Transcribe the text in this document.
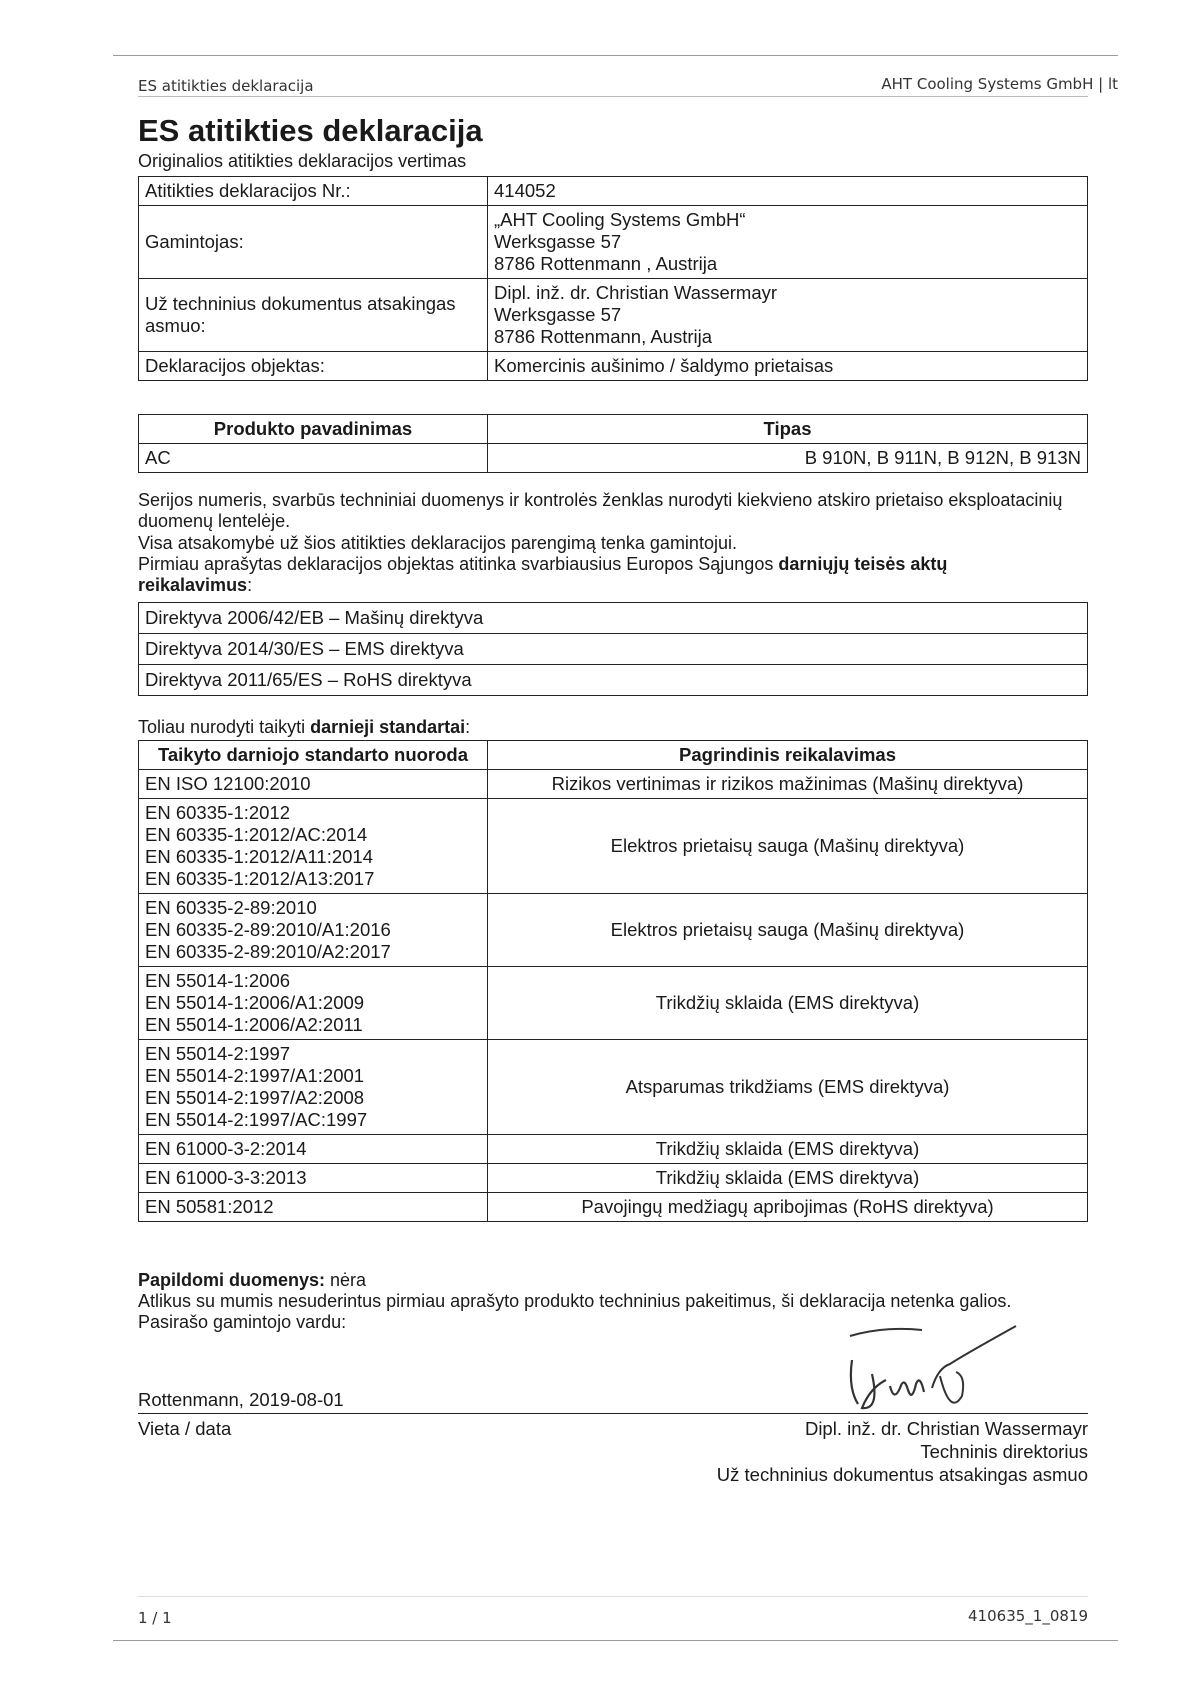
ES atitikties deklaracija	AHT Cooling Systems GmbH | lt
ES atitikties deklaracija
Originalios atitikties deklaracijos vertimas
Atitikties deklaracijos Nr.:	414052

Gamintojas:	„AHT Cooling Systems GmbH“
Werksgasse 57
8786 Rottenmann , Austrija

Už techninius dokumentus atsakingas asmuo:	Dipl. inž. dr. Christian Wassermayr
Werksgasse 57
8786 Rottenmann, Austrija

Deklaracijos objektas:	Komercinis aušinimo / šaldymo prietaisas
Produkto pavadinimas	Tipas
AC	B 910N, B 911N, B 912N, B 913N

Serijos numeris, svarbūs techniniai duomenys ir kontrolės ženklas nurodyti kiekvieno atskiro prietaiso eksploatacinių duomenų lentelėje.

Visa atsakomybė už šios atitikties deklaracijos parengimą tenka gamintojui.

Pirmiau aprašytas deklaracijos objektas atitinka svarbiausius Europos Sąjungos darniųjų teisės aktų reikalavimus:

Direktyva 2006/42/EB – Mašinų direktyva
Direktyva 2014/30/ES – EMS direktyva
Direktyva 2011/65/ES – RoHS direktyva

Toliau nurodyti taikyti darnieji standartai:

Taikyto darniojo standarto nuoroda	Pagrindinis reikalavimas

EN ISO 12100:2010	Rizikos vertinimas ir rizikos mažinimas (Mašinų direktyva)

EN 60335-1:2012
EN 60335-1:2012/AC:2014
EN 60335-1:2012/A11:2014
EN 60335-1:2012/A13:2017	Elektros prietaisų sauga (Mašinų direktyva)

EN 60335-2-89:2010
EN 60335-2-89:2010/A1:2016
EN 60335-2-89:2010/A2:2017	Elektros prietaisų sauga (Mašinų direktyva)

EN 55014-1:2006
EN 55014-1:2006/A1:2009
EN 55014-1:2006/A2:2011	Trikdžių sklaida (EMS direktyva)

EN 55014-2:1997
EN 55014-2:1997/A1:2001
EN 55014-2:1997/A2:2008
EN 55014-2:1997/AC:1997	Atsparumas trikdžiams (EMS direktyva)

EN 61000-3-2:2014	Trikdžių sklaida (EMS direktyva)

EN 61000-3-3:2013	Trikdžių sklaida (EMS direktyva)

EN 50581:2012	Pavojingų medžiagų apribojimas (RoHS direktyva)

Papildomi duomenys: nėra

Atlikus su mumis nesuderintus pirmiau aprašyto produkto techninius pakeitimus, ši deklaracija netenka galios.

Pasirašo gamintojo vardu:

Rottenmann, 2019-08-01
Vieta / data	Dipl. inž. dr. Christian Wassermayr
Techninis direktorius
Už techninius dokumentus atsakingas asmuo
1 / 1	410635_1_0819
